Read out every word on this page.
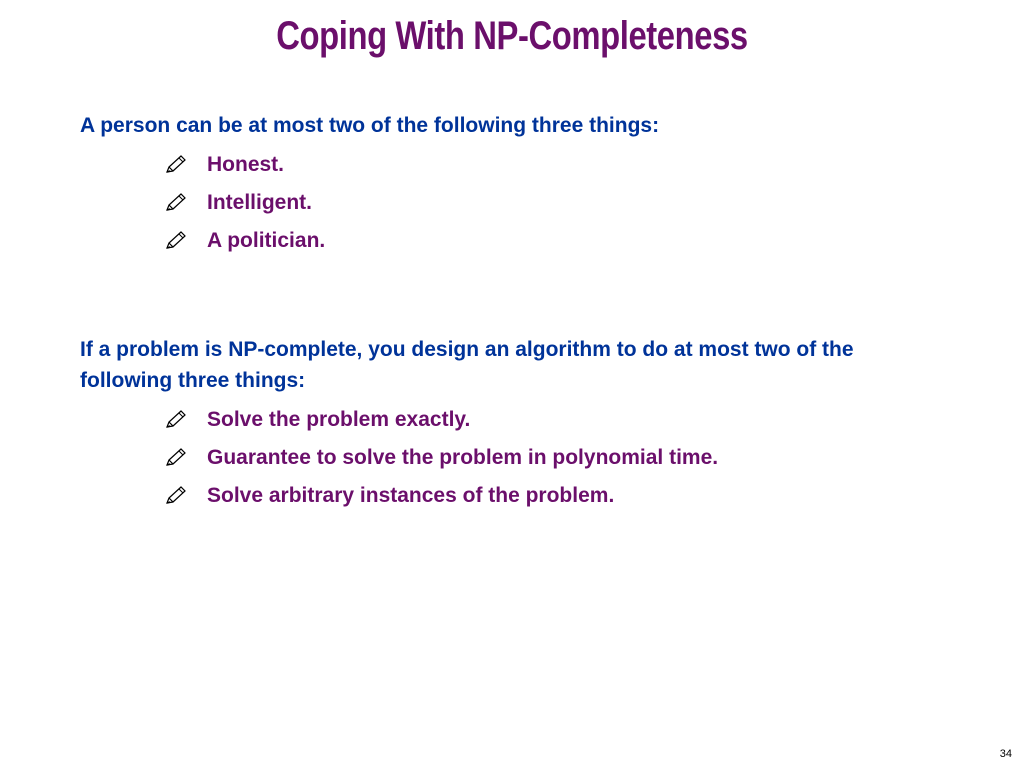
Coping With NP-Completeness

A person can be at most two of the following three things:

Honest.
Intelligent.
A politician.

If a problem is NP-complete, you design an algorithm to do at most two of the following three things:

Solve the problem exactly.
Guarantee to solve the problem in polynomial time.
Solve arbitrary instances of the problem.
34
